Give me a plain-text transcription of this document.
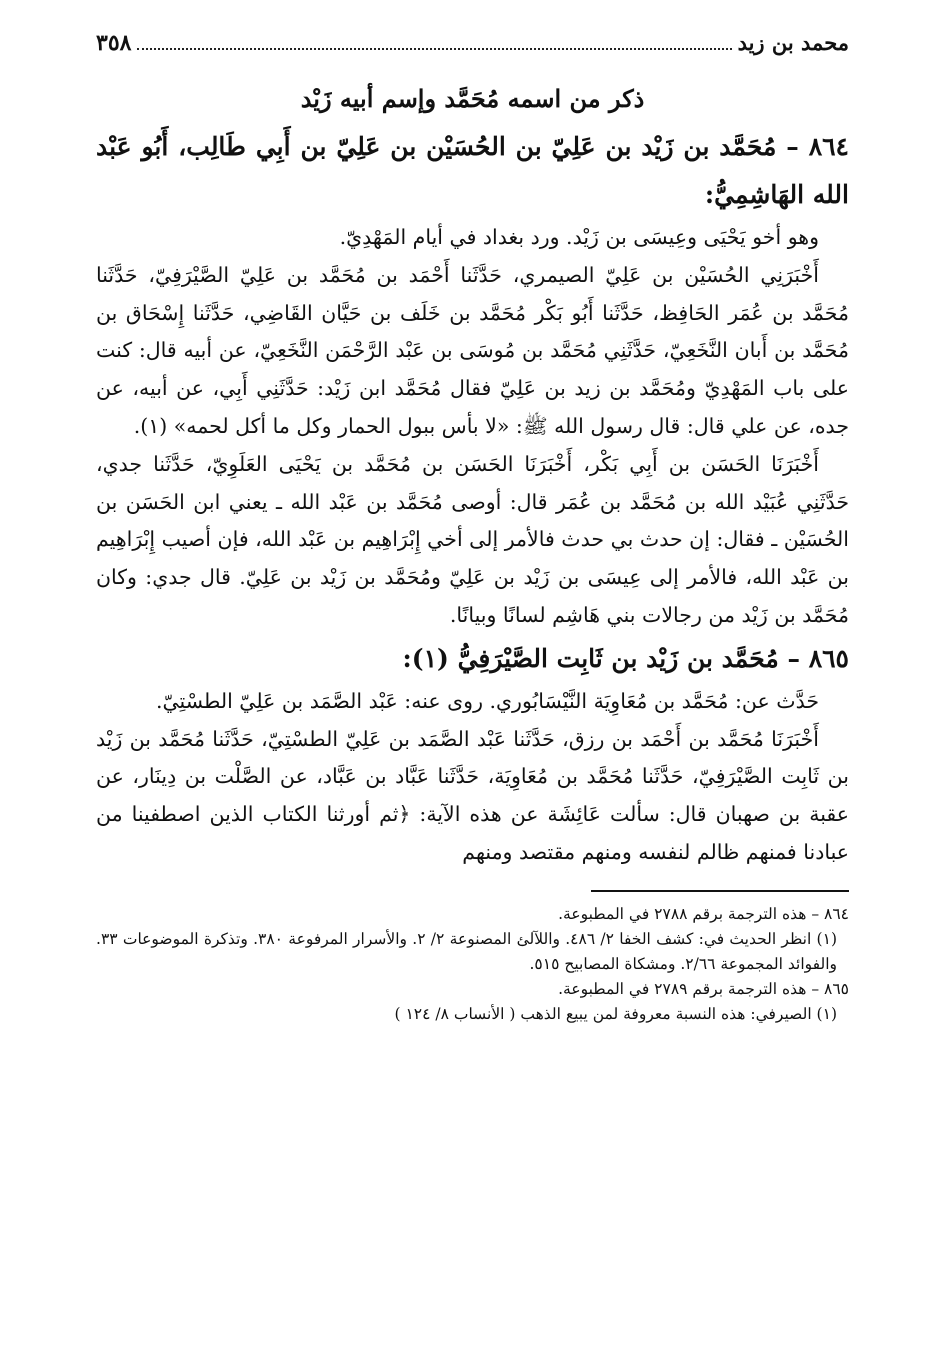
محمد بن زيد
٣٥٨
ذكر من اسمه مُحَمَّد وإسم أبيه زَيْد

٨٦٤ – مُحَمَّد بن زَيْد بن عَلِيّ بن الحُسَيْن بن عَلِيّ بن أَبِي طَالِب، أَبُو عَبْد الله الهَاشِمِيُّ:

وهو أخو يَحْيَى وعِيسَى بن زَيْد. ورد بغداد في أيام المَهْدِيّ.

أَخْبَرَنِي الحُسَيْن بن عَلِيّ الصيمري، حَدَّثَنا أَحْمَد بن مُحَمَّد بن عَلِيّ الصَّيْرَفِيّ، حَدَّثَنا مُحَمَّد بن عُمَر الحَافِظ، حَدَّثَنا أَبُو بَكْر مُحَمَّد بن خَلَف بن حَيَّان القَاضِي، حَدَّثَنا إِسْحَاق بن مُحَمَّد بن أَبان النَّخَعِيّ، حَدَّثَنِي مُحَمَّد بن مُوسَى بن عَبْد الرَّحْمَن النَّخَعِيّ، عن أبيه قال: كنت على باب المَهْدِيّ ومُحَمَّد بن زيد بن عَلِيّ فقال مُحَمَّد ابن زَيْد: حَدَّثَنِي أَبِي، عن أبيه، عن جده، عن علي قال: قال رسول الله ﷺ: «لا بأس ببول الحمار وكل ما أكل لحمه» (١).

أَخْبَرَنَا الحَسَن بن أَبِي بَكْر، أَخْبَرَنَا الحَسَن بن مُحَمَّد بن يَحْيَى العَلَوِيّ، حَدَّثَنا جدي، حَدَّثَنِي عُبَيْد الله بن مُحَمَّد بن عُمَر قال: أوصى مُحَمَّد بن عَبْد الله ـ يعني ابن الحَسَن بن الحُسَيْن ـ فقال: إن حدث بي حدث فالأمر إلى أخي إِبْرَاهِيم بن عَبْد الله، فإن أصيب إِبْرَاهِيم بن عَبْد الله، فالأمر إلى عِيسَى بن زَيْد بن عَلِيّ ومُحَمَّد بن زَيْد بن عَلِيّ. قال جدي: وكان مُحَمَّد بن زَيْد من رجالات بني هَاشِم لسانًا وبيانًا.

٨٦٥ – مُحَمَّد بن زَيْد بن ثَابِت الصَّيْرَفِيُّ (١):

حَدَّث عن: مُحَمَّد بن مُعَاوِيَة النَّيْسَابُوري. روى عنه: عَبْد الصَّمَد بن عَلِيّ الطسْتِيّ.

أَخْبَرَنَا مُحَمَّد بن أَحْمَد بن رزق، حَدَّثَنا عَبْد الصَّمَد بن عَلِيّ الطسْتِيّ، حَدَّثَنا مُحَمَّد بن زَيْد بن ثَابِت الصَّيْرَفِيّ، حَدَّثَنا مُحَمَّد بن مُعَاوِيَة، حَدَّثَنا عَبَّاد بن عَبَّاد، عن الصَّلْت بن دِينَار، عن عقبة بن صهبان قال: سألت عَائِشَة عن هذه الآية: ﴿ثم أورثنا الكتاب الذين اصطفينا من عبادنا فمنهم ظالم لنفسه ومنهم مقتصد ومنهم

٨٦٤ – هذه الترجمة برقم ٢٧٨٨ في المطبوعة.

(١) انظر الحديث في: كشف الخفا ٢/ ٤٨٦. واللآلئ المصنوعة ٢/ ٢. والأسرار المرفوعة ٣٨٠. وتذكرة الموضوعات ٣٣. والفوائد المجموعة ٢/٦٦. ومشكاة المصابيح ٥١٥.

٨٦٥ – هذه الترجمة برقم ٢٧٨٩ في المطبوعة.

(١) الصيرفي: هذه النسبة معروفة لمن يبيع الذهب ( الأنساب ٨/ ١٢٤ )
